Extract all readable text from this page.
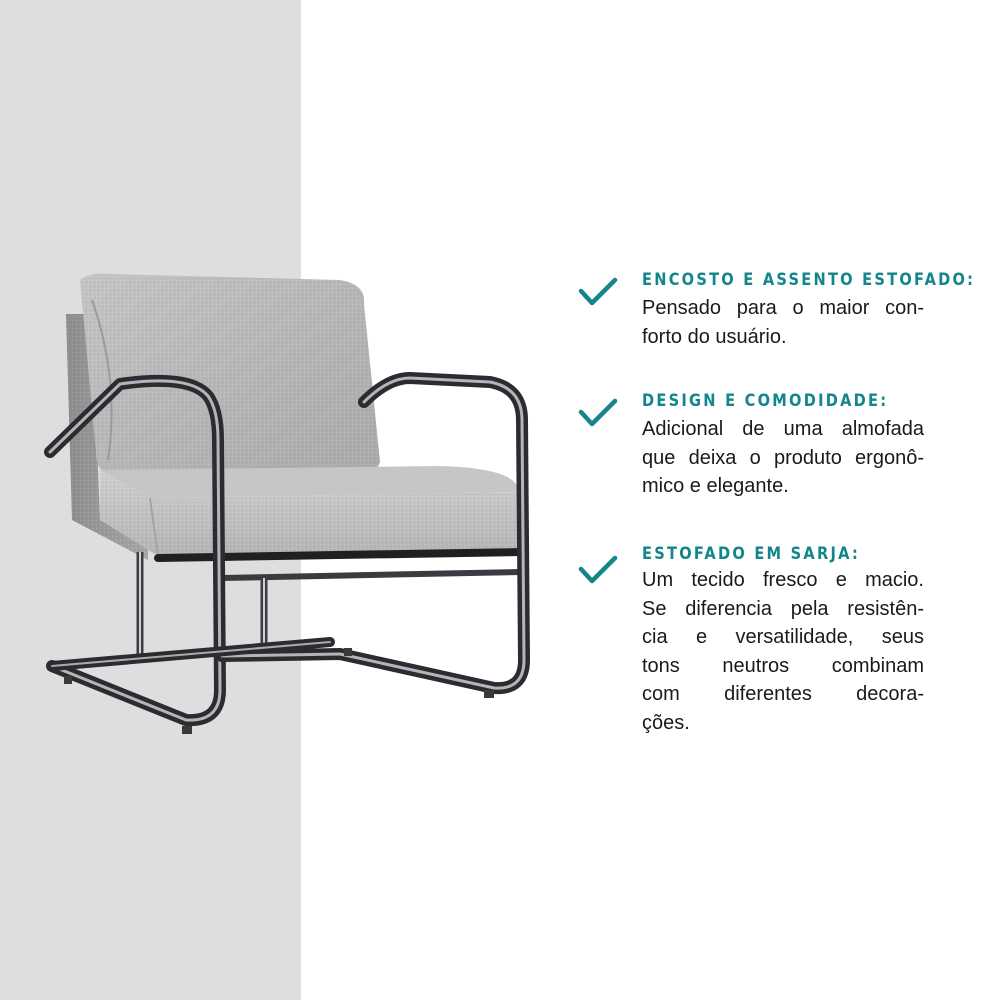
ENCOSTO E ASSENTO ESTOFADO:

Pensado para o maior con-
forto do usuário.

DESIGN E COMODIDADE:

Adicional de uma almofada
que deixa o produto ergonô-
mico e elegante.

ESTOFADO EM SARJA:

Um tecido fresco e macio.
Se diferencia pela resistên-
cia e versatilidade, seus
tons neutros combinam
com diferentes decora-
ções.
